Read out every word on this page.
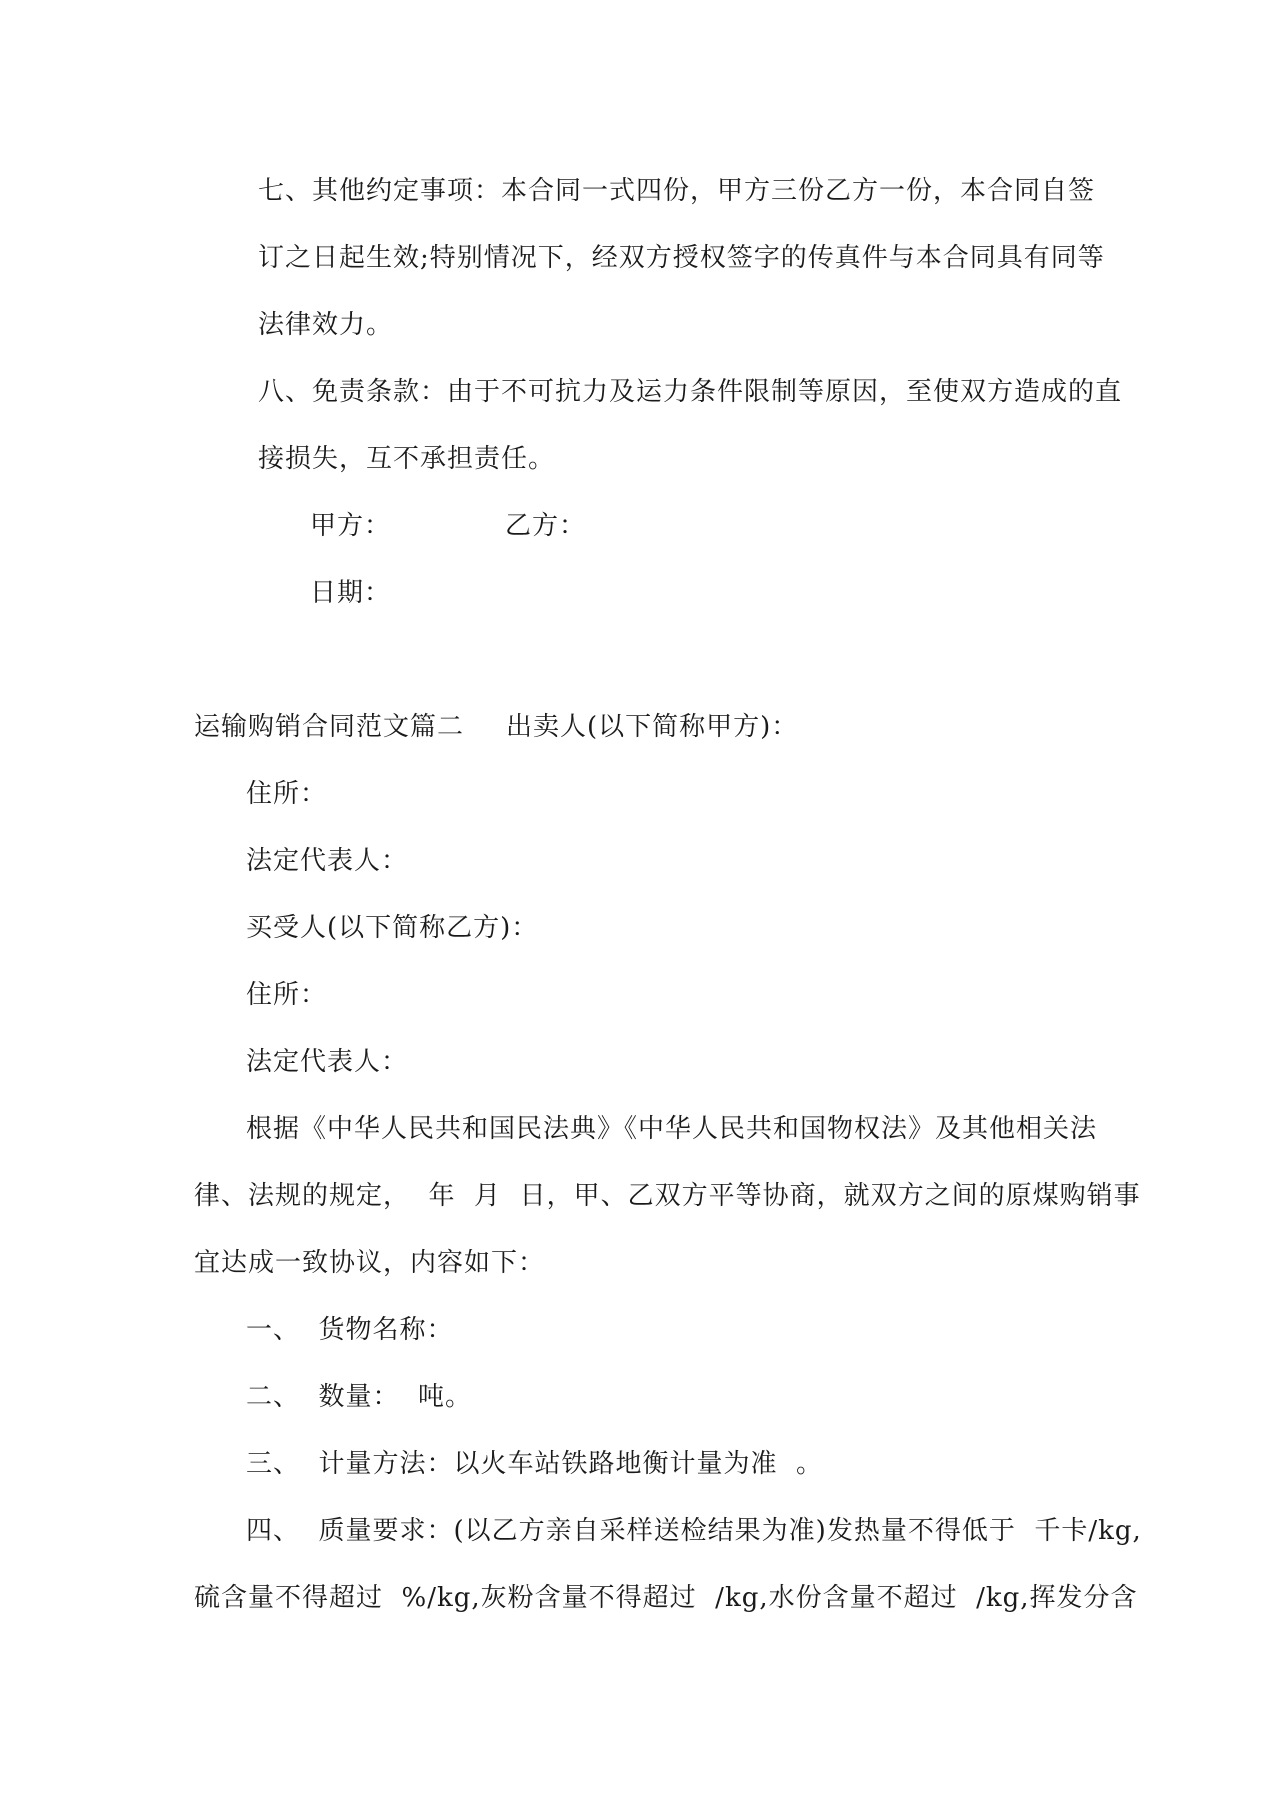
七、其他约定事项：本合同一式四份，甲方三份乙方一份，本合同自签
订之日起生效;特别情况下，经双方授权签字的传真件与本合同具有同等
法律效力。
八、免责条款：由于不可抗力及运力条件限制等原因，至使双方造成的直
接损失，互不承担责任。
甲方：	乙方：
日期：
运输购销合同范文篇二 出卖人(以下简称甲方)：
住所：
法定代表人：
买受人(以下简称乙方)：
住所：
法定代表人：
根据《中华人民共和国民法典》《中华人民共和国物权法》及其他相关法
律、法规的规定，  年  月  日，甲、乙双方平等协商，就双方之间的原煤购销事
宜达成一致协议，内容如下：
一、  货物名称：
二、  数量：  吨。
三、  计量方法：以火车站铁路地衡计量为准  。
四、  质量要求：(以乙方亲自采样送检结果为准)发热量不得低于  千卡/kg,
硫含量不得超过  %/kg,灰粉含量不得超过  /kg,水份含量不超过  /kg,挥发分含
